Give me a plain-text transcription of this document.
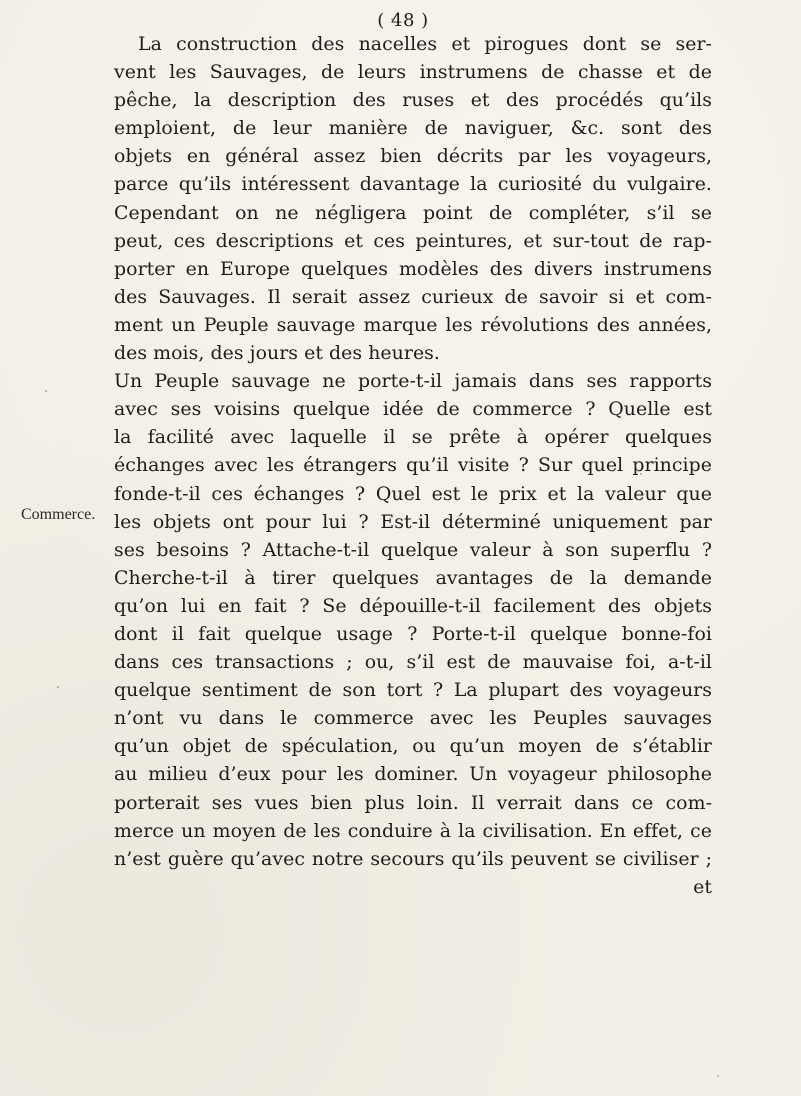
( 48 )
Commerce.
La construction des nacelles et pirogues dont se ser-
vent les Sauvages, de leurs instrumens de chasse et de
pêche, la description des ruses et des procédés qu’ils
emploient, de leur manière de naviguer, &c. sont des
objets en général assez bien décrits par les voyageurs,
parce qu’ils intéressent davantage la curiosité du vulgaire.
Cependant on ne négligera point de compléter, s’il se
peut, ces descriptions et ces peintures, et sur-tout de rap-
porter en Europe quelques modèles des divers instrumens
des Sauvages. Il serait assez curieux de savoir si et com-
ment un Peuple sauvage marque les révolutions des années,
des mois, des jours et des heures.
Un Peuple sauvage ne porte-t-il jamais dans ses rapports
avec ses voisins quelque idée de commerce ? Quelle est
la facilité avec laquelle il se prête à opérer quelques
échanges avec les étrangers qu’il visite ? Sur quel principe
fonde-t-il ces échanges ? Quel est le prix et la valeur que
les objets ont pour lui ? Est-il déterminé uniquement par
ses besoins ? Attache-t-il quelque valeur à son superflu ?
Cherche-t-il à tirer quelques avantages de la demande
qu’on lui en fait ? Se dépouille-t-il facilement des objets
dont il fait quelque usage ? Porte-t-il quelque bonne-foi
dans ces transactions ; ou, s’il est de mauvaise foi, a-t-il
quelque sentiment de son tort ? La plupart des voyageurs
n’ont vu dans le commerce avec les Peuples sauvages
qu’un objet de spéculation, ou qu’un moyen de s’établir
au milieu d’eux pour les dominer. Un voyageur philosophe
porterait ses vues bien plus loin. Il verrait dans ce com-
merce un moyen de les conduire à la civilisation. En effet, ce
n’est guère qu’avec notre secours qu’ils peuvent se civiliser ;
et
